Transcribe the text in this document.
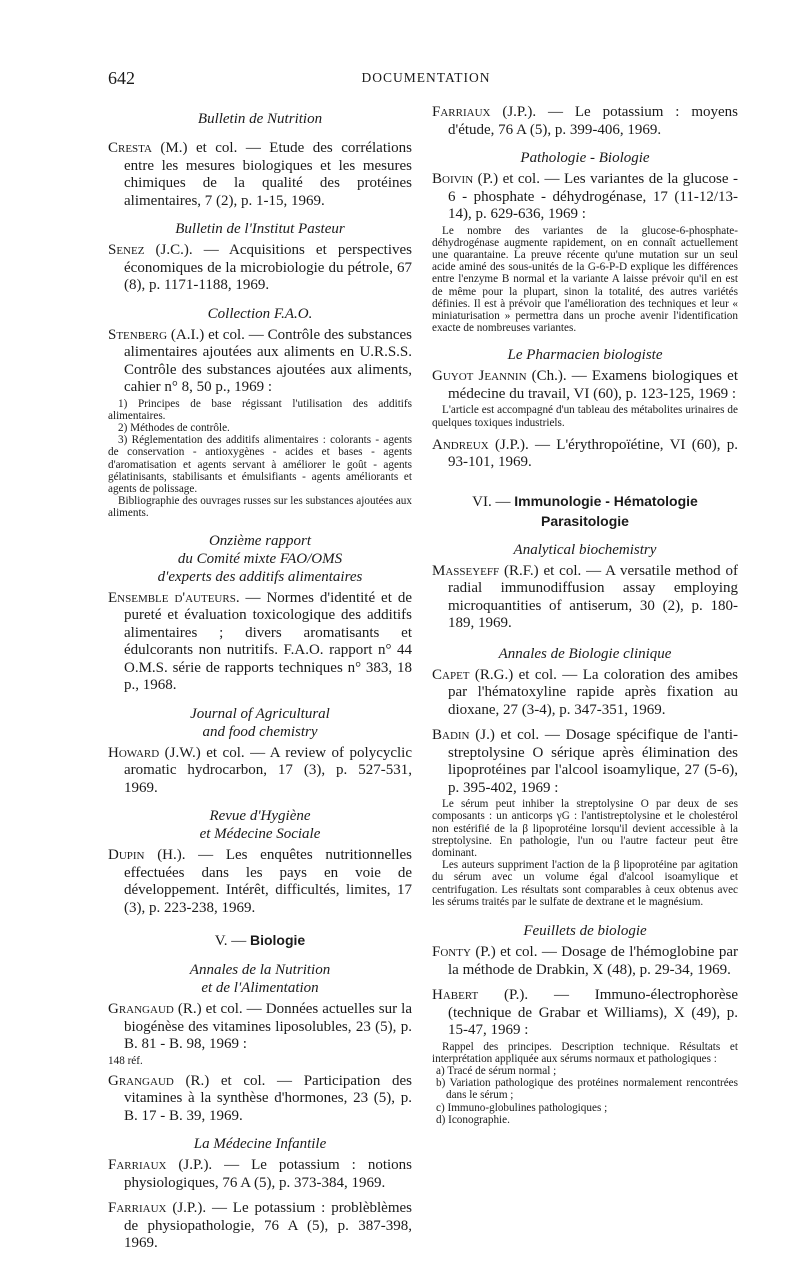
642	DOCUMENTATION
Bulletin de Nutrition

Cresta (M.) et col. — Etude des corrélations entre les mesures biologiques et les mesures chimiques de la qualité des protéines alimentaires, 7 (2), p. 1-15, 1969.

Bulletin de l'Institut Pasteur

Senez (J.C.). — Acquisitions et perspectives économiques de la microbiologie du pétrole, 67 (8), p. 1171-1188, 1969.

Collection F.A.O.

Stenberg (A.I.) et col. — Contrôle des substances alimentaires ajoutées aux aliments en U.R.S.S. Contrôle des substances ajoutées aux aliments, cahier n° 8, 50 p., 1969 :

1) Principes de base régissant l'utilisation des additifs alimentaires.
2) Méthodes de contrôle.
3) Réglementation des additifs alimentaires : colorants - agents de conservation - antioxygènes - acides et bases - agents d'aromatisation et agents servant à améliorer le goût - agents gélatinisants, stabilisants et émulsifiants - agents améliorants et agents de polissage.
Bibliographie des ouvrages russes sur les substances ajoutées aux aliments.
Onzième rapport
du Comité mixte FAO/OMS
d'experts des additifs alimentaires

Ensemble d'auteurs. — Normes d'identité et de pureté et évaluation toxicologique des additifs alimentaires ; divers aromatisants et édulcorants non nutritifs. F.A.O. rapport n° 44 O.M.S. série de rapports techniques n° 383, 18 p., 1968.

Journal of Agricultural
and food chemistry

Howard (J.W.) et col. — A review of polycyclic aromatic hydrocarbon, 17 (3), p. 527-531, 1969.

Revue d'Hygiène
et Médecine Sociale

Dupin (H.). — Les enquêtes nutritionnelles effectuées dans les pays en voie de développement. Intérêt, difficultés, limites, 17 (3), p. 223-238, 1969.

V. — Biologie
Annales de la Nutrition
et de l'Alimentation

Grangaud (R.) et col. — Données actuelles sur la biogénèse des vitamines liposolubles, 23 (5), p. B. 81 - B. 98, 1969 :

148 réf.

Grangaud (R.) et col. — Participation des vitamines à la synthèse d'hormones, 23 (5), p. B. 17 - B. 39, 1969.

La Médecine Infantile

Farriaux (J.P.). — Le potassium : notions physiologiques, 76 A (5), p. 373-384, 1969.

Farriaux (J.P.). — Le potassium : problèblèmes de physiopathologie, 76 A (5), p. 387-398, 1969.

Farriaux (J.P.). — Le potassium : moyens d'étude, 76 A (5), p. 399-406, 1969.

Pathologie - Biologie

Boivin (P.) et col. — Les variantes de la glucose - 6 - phosphate - déhydrogénase, 17 (11-12/13-14), p. 629-636, 1969 :

Le nombre des variantes de la glucose-6-phosphate-déhydrogénase augmente rapidement, on en connaît actuellement une quarantaine. La preuve récente qu'une mutation sur un seul acide aminé des sous-unités de la G-6-P-D explique les différences entre l'enzyme B normal et la variante A laisse prévoir qu'il en est de même pour la plupart, sinon la totalité, des autres variétés définies. Il est à prévoir que l'amélioration des techniques et leur « miniaturisation » permettra dans un proche avenir l'identification exacte de nombreuses variantes.
Le Pharmacien biologiste

Guyot Jeannin (Ch.). — Examens biologiques et médecine du travail, VI (60), p. 123-125, 1969 :

L'article est accompagné d'un tableau des métabolites urinaires de quelques toxiques industriels.

Andreux (J.P.). — L'érythropoïétine, VI (60), p. 93-101, 1969.

VI. — Immunologie - Hématologie
Parasitologie
Analytical biochemistry

Masseyeff (R.F.) et col. — A versatile method of radial immunodiffusion assay employing microquantities of antiserum, 30 (2), p. 180-189, 1969.

Annales de Biologie clinique

Capet (R.G.) et col. — La coloration des amibes par l'hématoxyline rapide après fixation au dioxane, 27 (3-4), p. 347-351, 1969.

Badin (J.) et col. — Dosage spécifique de l'anti-streptolysine O sérique après élimination des lipoprotéines par l'alcool isoamylique, 27 (5-6), p. 395-402, 1969 :

Le sérum peut inhiber la streptolysine O par deux de ses composants : un anticorps γG : l'antistreptolysine et le cholestérol non estérifié de la β lipoprotéine lorsqu'il devient accessible à la streptolysine. En pathologie, l'un ou l'autre facteur peut être dominant.
Les auteurs suppriment l'action de la β lipoprotéine par agitation du sérum avec un volume égal d'alcool isoamylique et centrifugation. Les résultats sont comparables à ceux obtenus avec les sérums traités par le sulfate de dextrane et le magnésium.
Feuillets de biologie

Fonty (P.) et col. — Dosage de l'hémoglobine par la méthode de Drabkin, X (48), p. 29-34, 1969.

Habert (P.). — Immuno-électrophorèse (technique de Grabar et Williams), X (49), p. 15-47, 1969 :

Rappel des principes. Description technique. Résultats et interprétation appliquée aux sérums normaux et pathologiques :
a) Tracé de sérum normal ;
b) Variation pathologique des protéines normalement rencontrées dans le sérum ;
c) Immuno-globulines pathologiques ;
d) Iconographie.
